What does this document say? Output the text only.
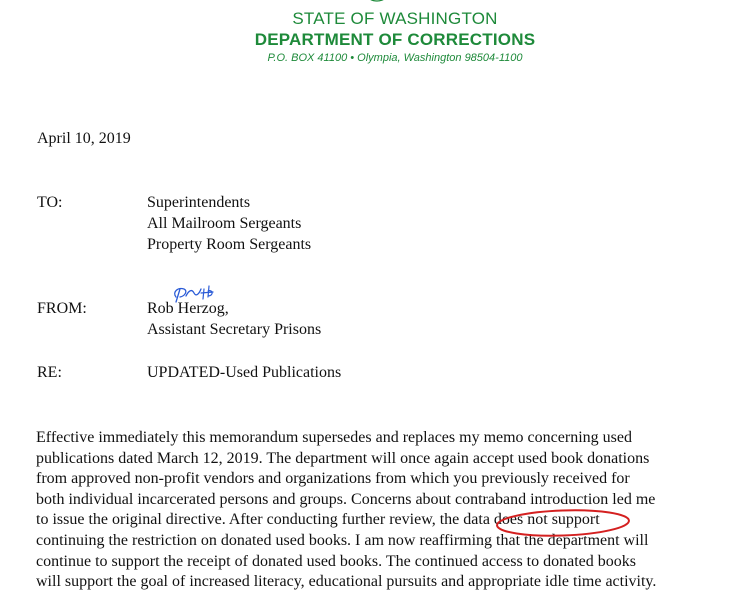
STATE OF WASHINGTON
DEPARTMENT OF CORRECTIONS
P.O. BOX 41100 • Olympia, Washington 98504-1100
April 10, 2019
TO:	Superintendents
All Mailroom Sergeants
Property Room Sergeants
FROM:	Rob Herzog,
Assistant Secretary Prisons
RE:	UPDATED-Used Publications
Effective immediately this memorandum supersedes and replaces my memo concerning used
publications dated March 12, 2019. The department will once again accept used book donations
from approved non-profit vendors and organizations from which you previously received for
both individual incarcerated persons and groups. Concerns about contraband introduction led me
to issue the original directive. After conducting further review, the data does not support
continuing the restriction on donated used books. I am now reaffirming that the department will
continue to support the receipt of donated used books. The continued access to donated books
will support the goal of increased literacy, educational pursuits and appropriate idle time activity.
